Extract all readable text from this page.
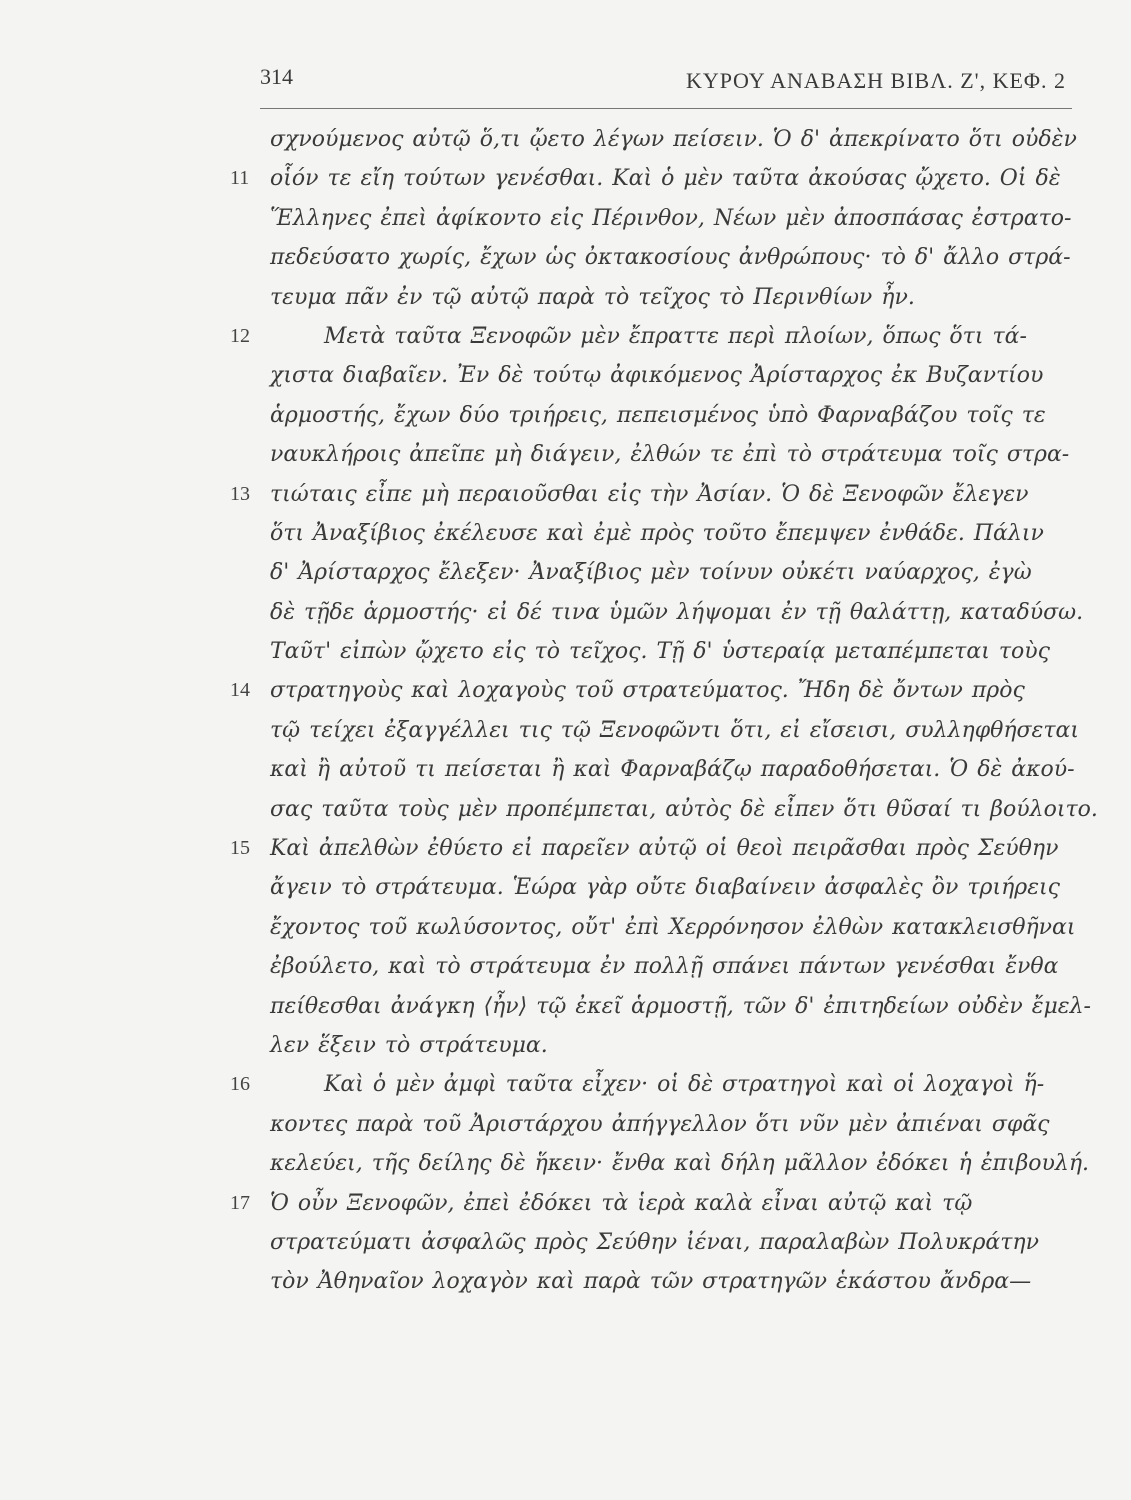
314	ΚΥΡΟΥ ΑΝΑΒΑΣΗ ΒΙΒΛ. Ζ', ΚΕΦ. 2
σχνούμενος αὐτῷ ὅ,τι ᾤετο λέγων πείσειν. Ὁ δ' ἀπεκρίνατο ὅτι οὐδὲν
11 οἷόν τε εἴη τούτων γενέσθαι. Καὶ ὁ μὲν ταῦτα ἀκούσας ᾤχετο. Οἱ δὲ
Ἕλληνες ἐπεὶ ἀφίκοντο εἰς Πέρινθον, Νέων μὲν ἀποσπάσας ἐστρατο-
πεδεύσατο χωρίς, ἔχων ὡς ὀκτακοσίους ἀνθρώπους· τὸ δ' ἄλλο στρά-
τευμα πᾶν ἐν τῷ αὐτῷ παρὰ τὸ τεῖχος τὸ Περινθίων ἦν.
12	Μετὰ ταῦτα Ξενοφῶν μὲν ἔπραττε περὶ πλοίων, ὅπως ὅτι τά-
χιστα διαβαῖεν. Ἐν δὲ τούτῳ ἀφικόμενος Ἀρίσταρχος ἐκ Βυζαντίου
ἁρμοστής, ἔχων δύο τριήρεις, πεπεισμένος ὑπὸ Φαρναβάζου τοῖς τε
ναυκλήροις ἀπεῖπε μὴ διάγειν, ἐλθών τε ἐπὶ τὸ στράτευμα τοῖς στρα-
13 τιώταις εἶπε μὴ περαιοῦσθαι εἰς τὴν Ἀσίαν. Ὁ δὲ Ξενοφῶν ἔλεγεν
ὅτι Ἀναξίβιος ἐκέλευσε καὶ ἐμὲ πρὸς τοῦτο ἔπεμψεν ἐνθάδε. Πάλιν
δ' Ἀρίσταρχος ἔλεξεν· Ἀναξίβιος μὲν τοίνυν οὐκέτι ναύαρχος, ἐγὼ
δὲ τῇδε ἁρμοστής· εἰ δέ τινα ὑμῶν λήψομαι ἐν τῇ θαλάττῃ, καταδύσω.
Ταῦτ' εἰπὼν ᾤχετο εἰς τὸ τεῖχος. Τῇ δ' ὑστεραίᾳ μεταπέμπεται τοὺς
14 στρατηγοὺς καὶ λοχαγοὺς τοῦ στρατεύματος. Ἤδη δὲ ὄντων πρὸς
τῷ τείχει ἐξαγγέλλει τις τῷ Ξενοφῶντι ὅτι, εἰ εἴσεισι, συλληφθήσεται
καὶ ἢ αὐτοῦ τι πείσεται ἢ καὶ Φαρναβάζῳ παραδοθήσεται. Ὁ δὲ ἀκού-
σας ταῦτα τοὺς μὲν προπέμπεται, αὐτὸς δὲ εἶπεν ὅτι θῦσαί τι βούλοιτο.
15 Καὶ ἀπελθὼν ἐθύετο εἰ παρεῖεν αὐτῷ οἱ θεοὶ πειρᾶσθαι πρὸς Σεύθην
ἄγειν τὸ στράτευμα. Ἑώρα γὰρ οὔτε διαβαίνειν ἀσφαλὲς ὂν τριήρεις
ἔχοντος τοῦ κωλύσοντος, οὔτ' ἐπὶ Χερρόνησον ἐλθὼν κατακλεισθῆναι
ἐβούλετο, καὶ τὸ στράτευμα ἐν πολλῇ σπάνει πάντων γενέσθαι ἔνθα
πείθεσθαι ἀνάγκη ⟨ἦν⟩ τῷ ἐκεῖ ἁρμοστῇ, τῶν δ' ἐπιτηδείων οὐδὲν ἔμελ-
λεν ἕξειν τὸ στράτευμα.
16	Καὶ ὁ μὲν ἀμφὶ ταῦτα εἶχεν· οἱ δὲ στρατηγοὶ καὶ οἱ λοχαγοὶ ἥ-
κοντες παρὰ τοῦ Ἀριστάρχου ἀπήγγελλον ὅτι νῦν μὲν ἀπιέναι σφᾶς
κελεύει, τῆς δείλης δὲ ἥκειν· ἔνθα καὶ δήλη μᾶλλον ἐδόκει ἡ ἐπιβουλή.
17 Ὁ οὖν Ξενοφῶν, ἐπεὶ ἐδόκει τὰ ἱερὰ καλὰ εἶναι αὐτῷ καὶ τῷ
στρατεύματι ἀσφαλῶς πρὸς Σεύθην ἰέναι, παραλαβὼν Πολυκράτην
τὸν Ἀθηναῖον λοχαγὸν καὶ παρὰ τῶν στρατηγῶν ἑκάστου ἄνδρα—
